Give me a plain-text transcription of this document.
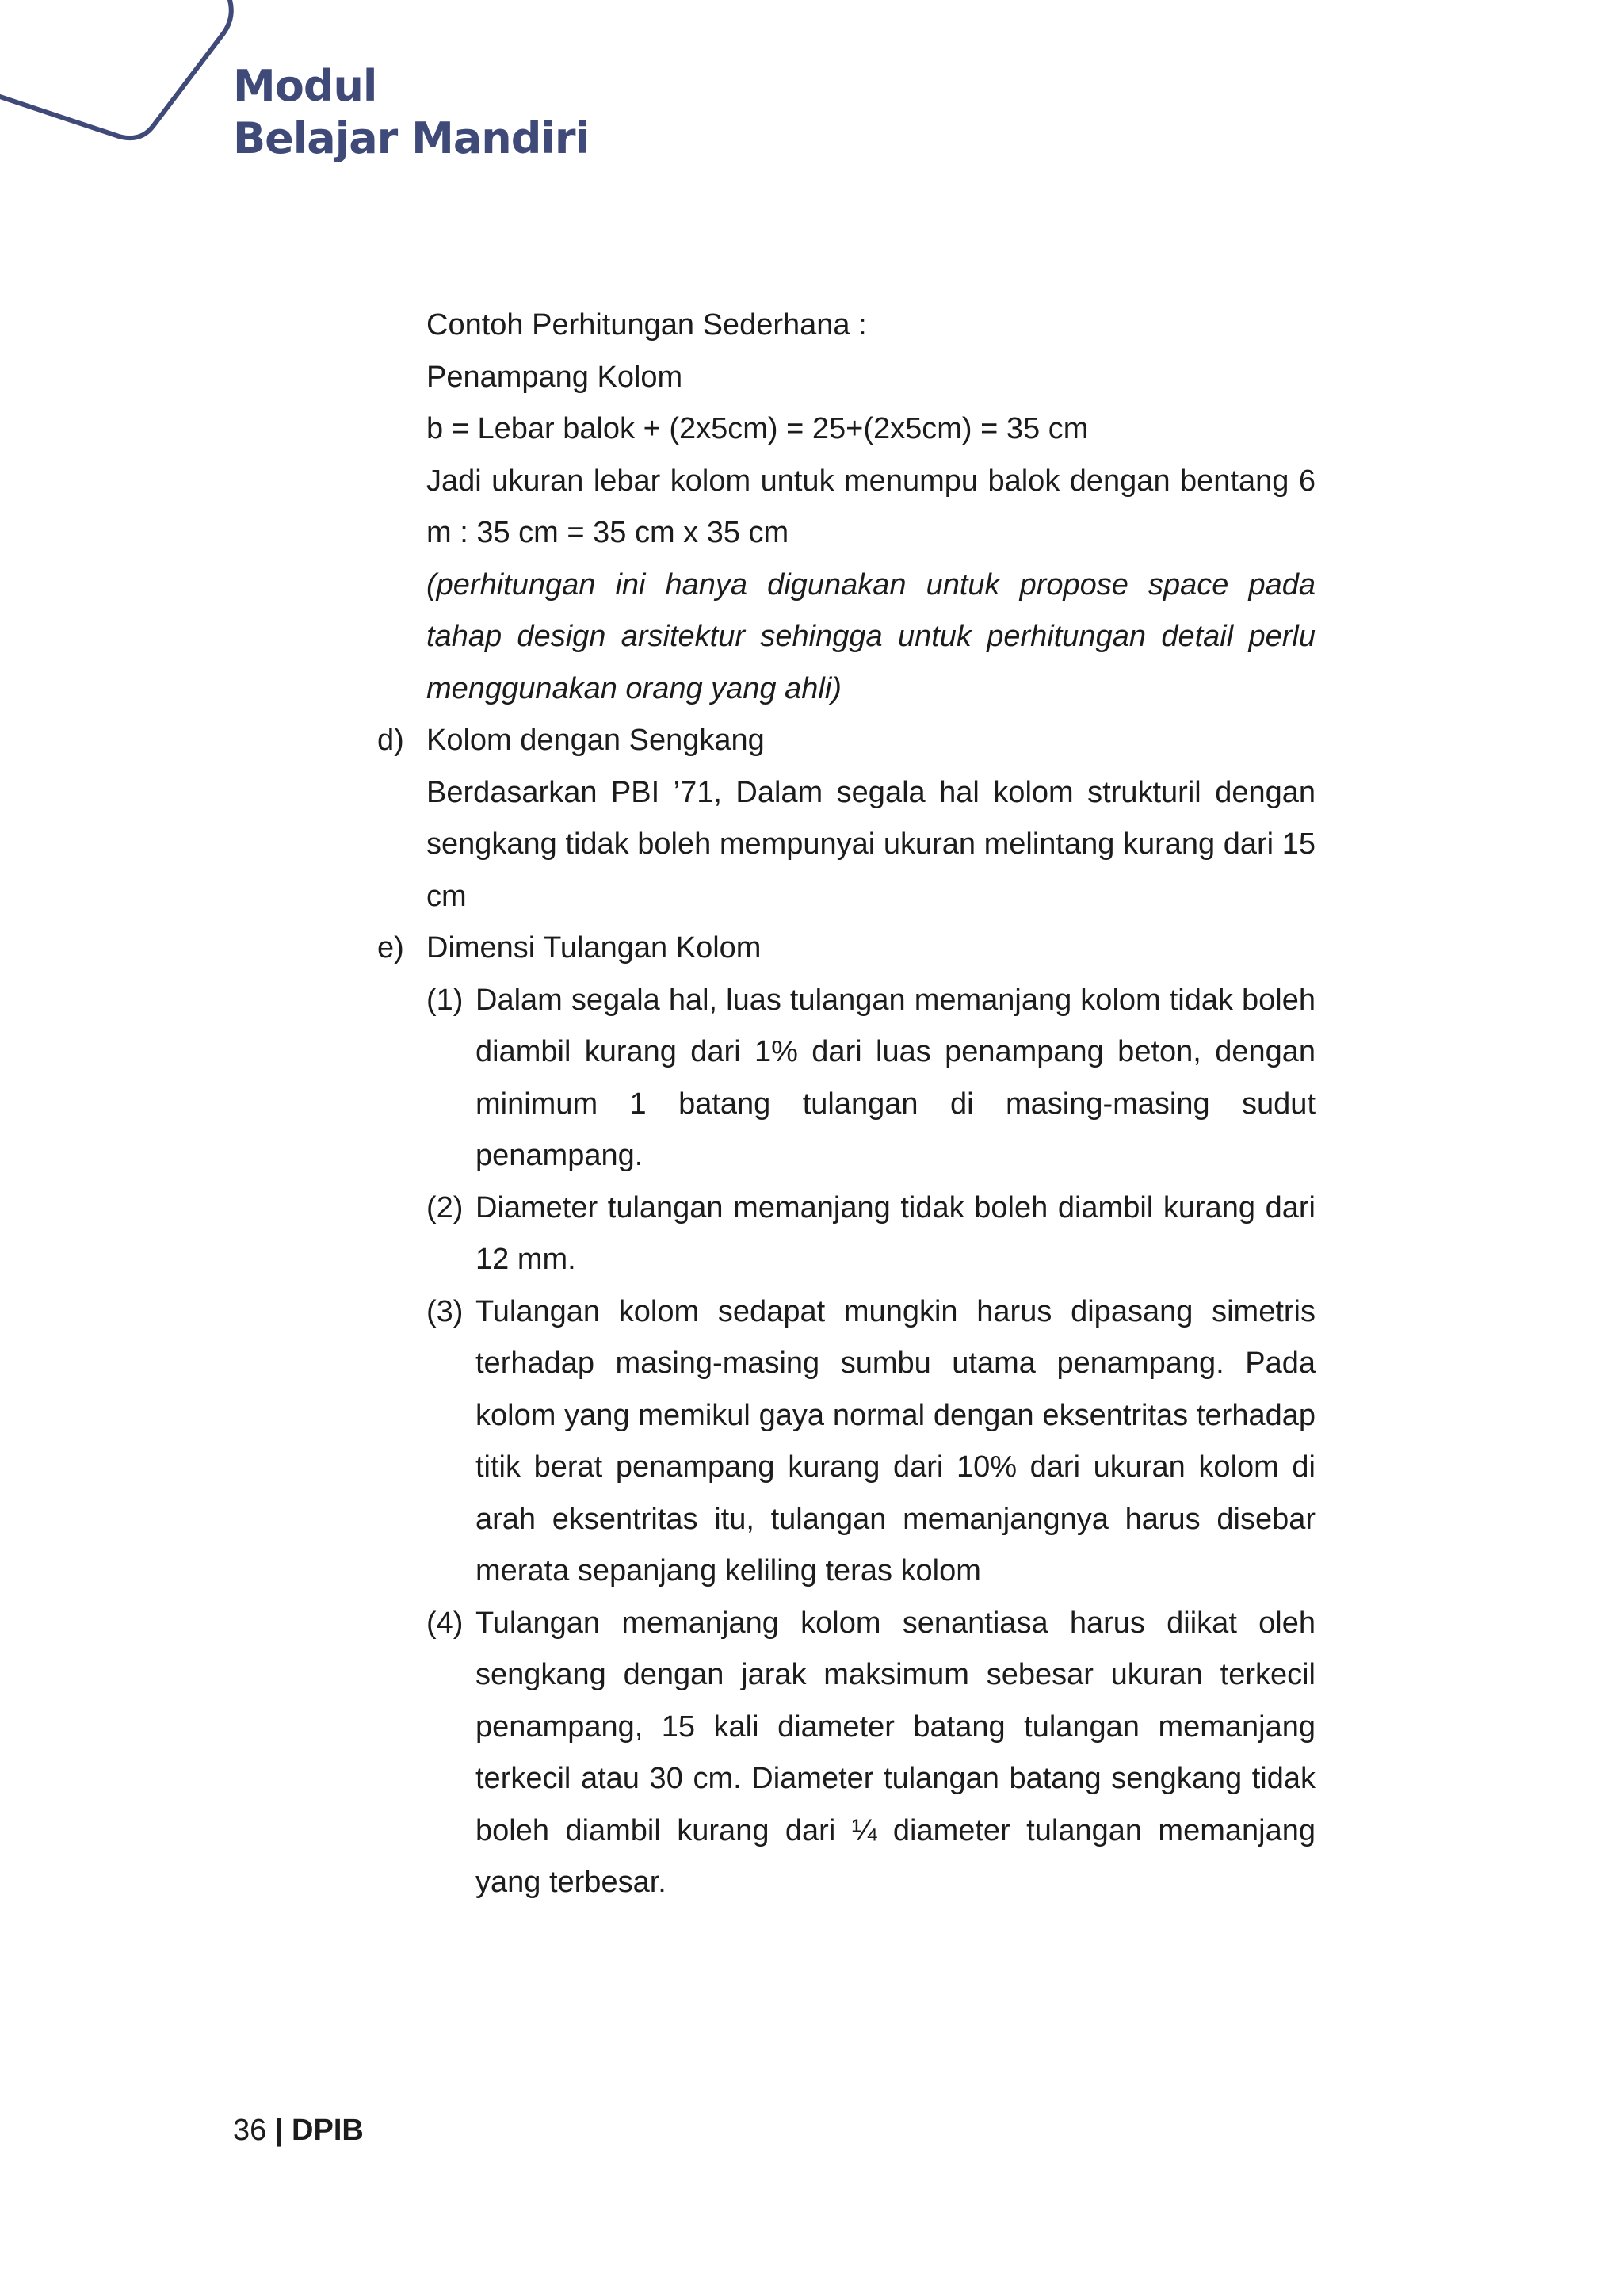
Modul
Belajar Mandiri

Contoh Perhitungan Sederhana :

Penampang Kolom

b = Lebar balok + (2x5cm) = 25+(2x5cm) = 35 cm

Jadi ukuran lebar kolom untuk menumpu balok dengan bentang 6 m : 35 cm = 35 cm x 35 cm

(perhitungan ini hanya digunakan untuk propose space pada tahap design arsitektur sehingga untuk perhitungan detail perlu menggunakan orang yang ahli)

d) Kolom dengan Sengkang

Berdasarkan PBI ’71, Dalam segala hal kolom strukturil dengan sengkang tidak boleh mempunyai ukuran melintang kurang dari 15 cm

e) Dimensi Tulangan Kolom
(1) Dalam segala hal, luas tulangan memanjang kolom tidak boleh diambil kurang dari 1% dari luas penampang beton, dengan minimum 1 batang tulangan di masing-masing sudut penampang.
(2) Diameter tulangan memanjang tidak boleh diambil kurang dari 12 mm.
(3) Tulangan kolom sedapat mungkin harus dipasang simetris terhadap masing-masing sumbu utama penampang. Pada kolom yang memikul gaya normal dengan eksentritas terhadap titik berat penampang kurang dari 10% dari ukuran kolom di arah eksentritas itu, tulangan memanjangnya harus disebar merata sepanjang keliling teras kolom
(4) Tulangan memanjang kolom senantiasa harus diikat oleh sengkang dengan jarak maksimum sebesar ukuran terkecil penampang, 15 kali diameter batang tulangan memanjang terkecil atau 30 cm. Diameter tulangan batang sengkang tidak boleh diambil kurang dari ¼ diameter tulangan memanjang yang terbesar.
36 | DPIB
